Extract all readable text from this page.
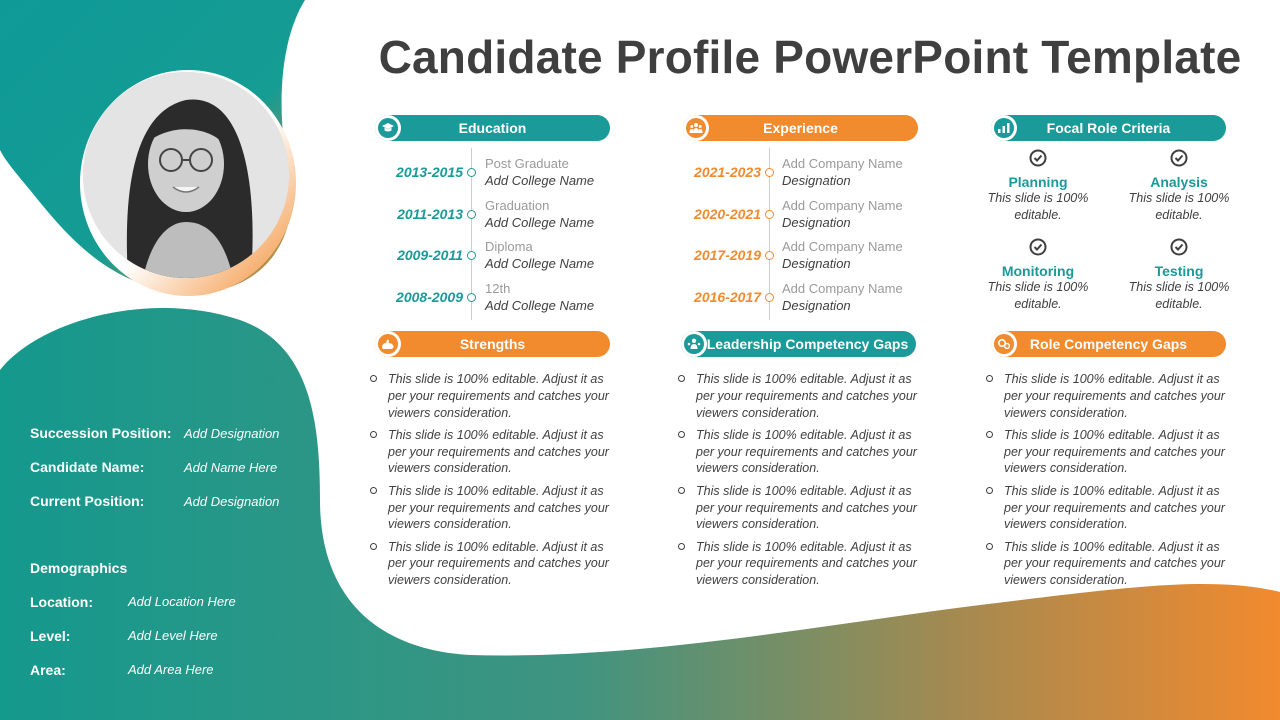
Candidate Profile PowerPoint Template
Succession Position: Add Designation
Candidate Name:	Add Name Here
Current Position:	Add Designation
Demographics
Location:	Add Location Here
Level:	Add Level Here
Area:	Add Area Here
Education
2013-2015
Post Graduate
Add College Name
2011-2013
Graduation
Add College Name
2009-2011
Diploma
Add College Name
2008-2009
12th
Add College Name
Experience
2021-2023
Add Company Name
Designation
2020-2021
Add Company Name
Designation
2017-2019
Add Company Name
Designation
2016-2017
Add Company Name
Designation
Focal Role Criteria
Planning
This slide is 100%
editable.
Analysis
This slide is 100%
editable.
Monitoring
This slide is 100%
editable.
Testing
This slide is 100%
editable.
Strengths
This slide is 100% editable. Adjust it as per your requirements and catches your viewers consideration.
This slide is 100% editable. Adjust it as per your requirements and catches your viewers consideration.
This slide is 100% editable. Adjust it as per your requirements and catches your viewers consideration.
This slide is 100% editable. Adjust it as per your requirements and catches your viewers consideration.
Leadership Competency Gaps
This slide is 100% editable. Adjust it as per your requirements and catches your viewers consideration.
This slide is 100% editable. Adjust it as per your requirements and catches your viewers consideration.
This slide is 100% editable. Adjust it as per your requirements and catches your viewers consideration.
This slide is 100% editable. Adjust it as per your requirements and catches your viewers consideration.
Role Competency Gaps
This slide is 100% editable. Adjust it as per your requirements and catches your viewers consideration.
This slide is 100% editable. Adjust it as per your requirements and catches your viewers consideration.
This slide is 100% editable. Adjust it as per your requirements and catches your viewers consideration.
This slide is 100% editable. Adjust it as per your requirements and catches your viewers consideration.
